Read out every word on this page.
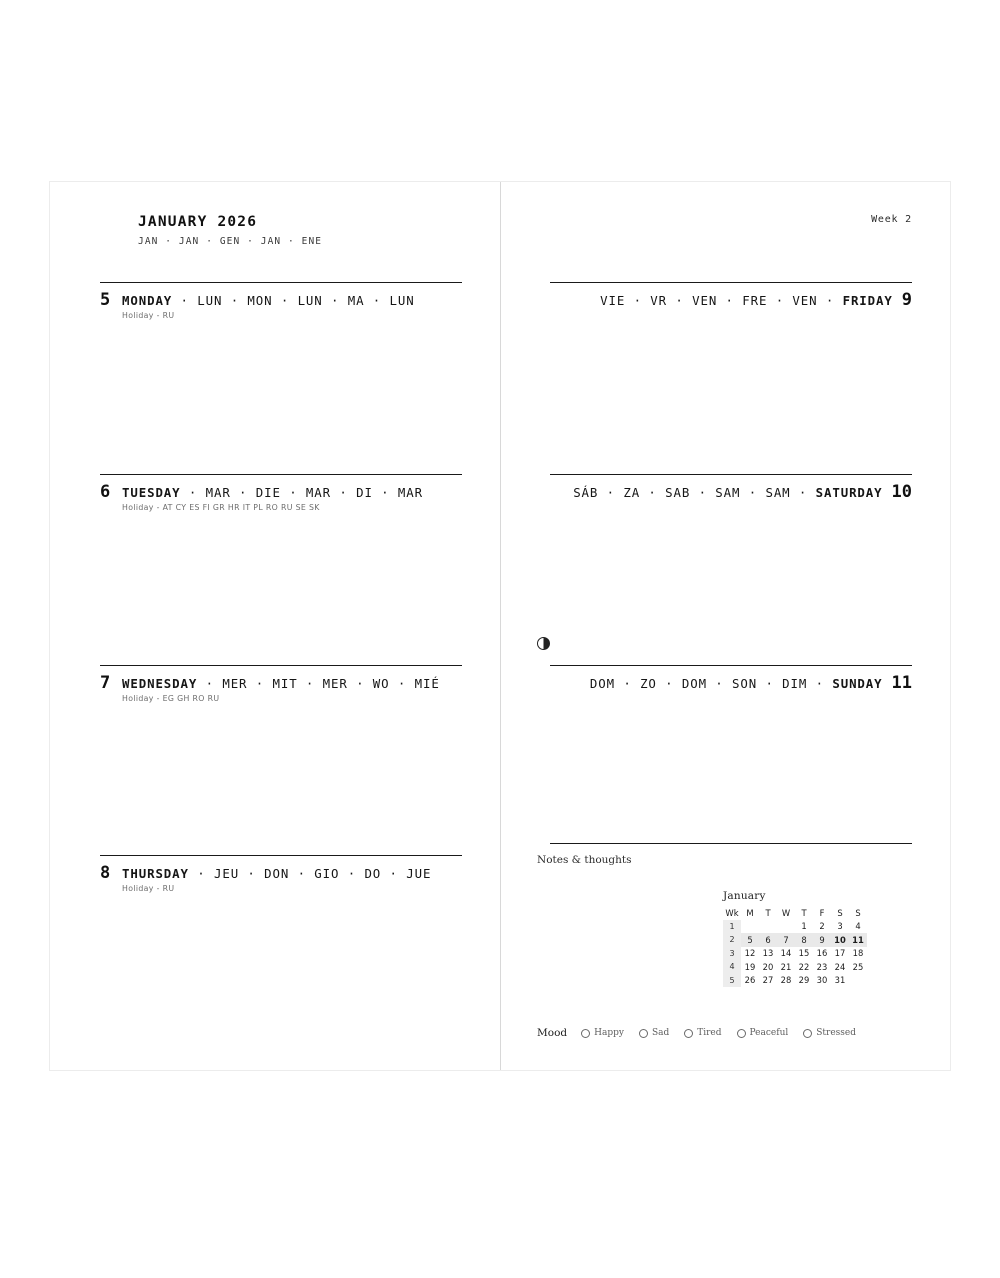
JANUARY 2026
JAN · JAN · GEN · JAN · ENE
5 MONDAY · LUN · MON · LUN · MA · LUN
Holiday - RU
6 TUESDAY · MAR · DIE · MAR · DI · MAR
Holiday - AT CY ES FI GR HR IT PL RO RU SE SK
7 WEDNESDAY · MER · MIT · MER · WO · MIÉ
Holiday - EG GH RO RU
8 THURSDAY · JEU · DON · GIO · DO · JUE
Holiday - RU
Week 2
VIE · VR · VEN · FRE · VEN · FRIDAY 9
SÁB · ZA · SAB · SAM · SAM · SATURDAY 10
DOM · ZO · DOM · SON · DIM · SUNDAY 11
Notes & thoughts
January
Wk	M	T	W	T	F	S	S
1				1	2	3	4
2	5	6	7	8	9	10	11
3	12	13	14	15	16	17	18
4	19	20	21	22	23	24	25
5	26	27	28	29	30	31	
Mood	Happy	Sad	Tired	Peaceful	Stressed
